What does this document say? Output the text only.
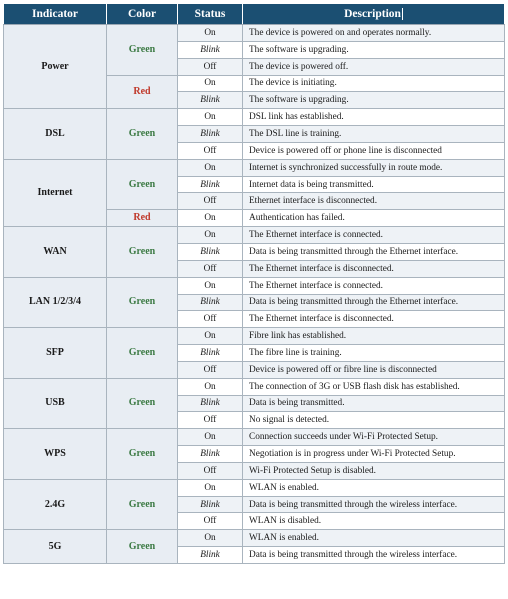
Indicator	Color	Status	Description
Power	Green	On	The device is powered on and operates normally.
		Blink	The software is upgrading.
		Off	The device is powered off.
	Red	On	The device is initiating.
		Blink	The software is upgrading.
DSL	Green	On	DSL link has established.
		Blink	The DSL line is training.
		Off	Device is powered off or phone line is disconnected
Internet	Green	On	Internet is synchronized successfully in route mode.
		Blink	Internet data is being transmitted.
		Off	Ethernet interface is disconnected.
	Red	On	Authentication has failed.
WAN	Green	On	The Ethernet interface is connected.
		Blink	Data is being transmitted through the Ethernet interface.
		Off	The Ethernet interface is disconnected.
LAN 1/2/3/4	Green	On	The Ethernet interface is connected.
		Blink	Data is being transmitted through the Ethernet interface.
		Off	The Ethernet interface is disconnected.
SFP	Green	On	Fibre link has established.
		Blink	The fibre line is training.
		Off	Device is powered off or fibre line is disconnected
USB	Green	On	The connection of 3G or USB flash disk has established.
		Blink	Data is being transmitted.
		Off	No signal is detected.
WPS	Green	On	Connection succeeds under Wi-Fi Protected Setup.
		Blink	Negotiation is in progress under Wi-Fi Protected Setup.
		Off	Wi-Fi Protected Setup is disabled.
2.4G	Green	On	WLAN is enabled.
		Blink	Data is being transmitted through the wireless interface.
		Off	WLAN is disabled.
5G	Green	On	WLAN is enabled.
		Blink	Data is being transmitted through the wireless interface.
